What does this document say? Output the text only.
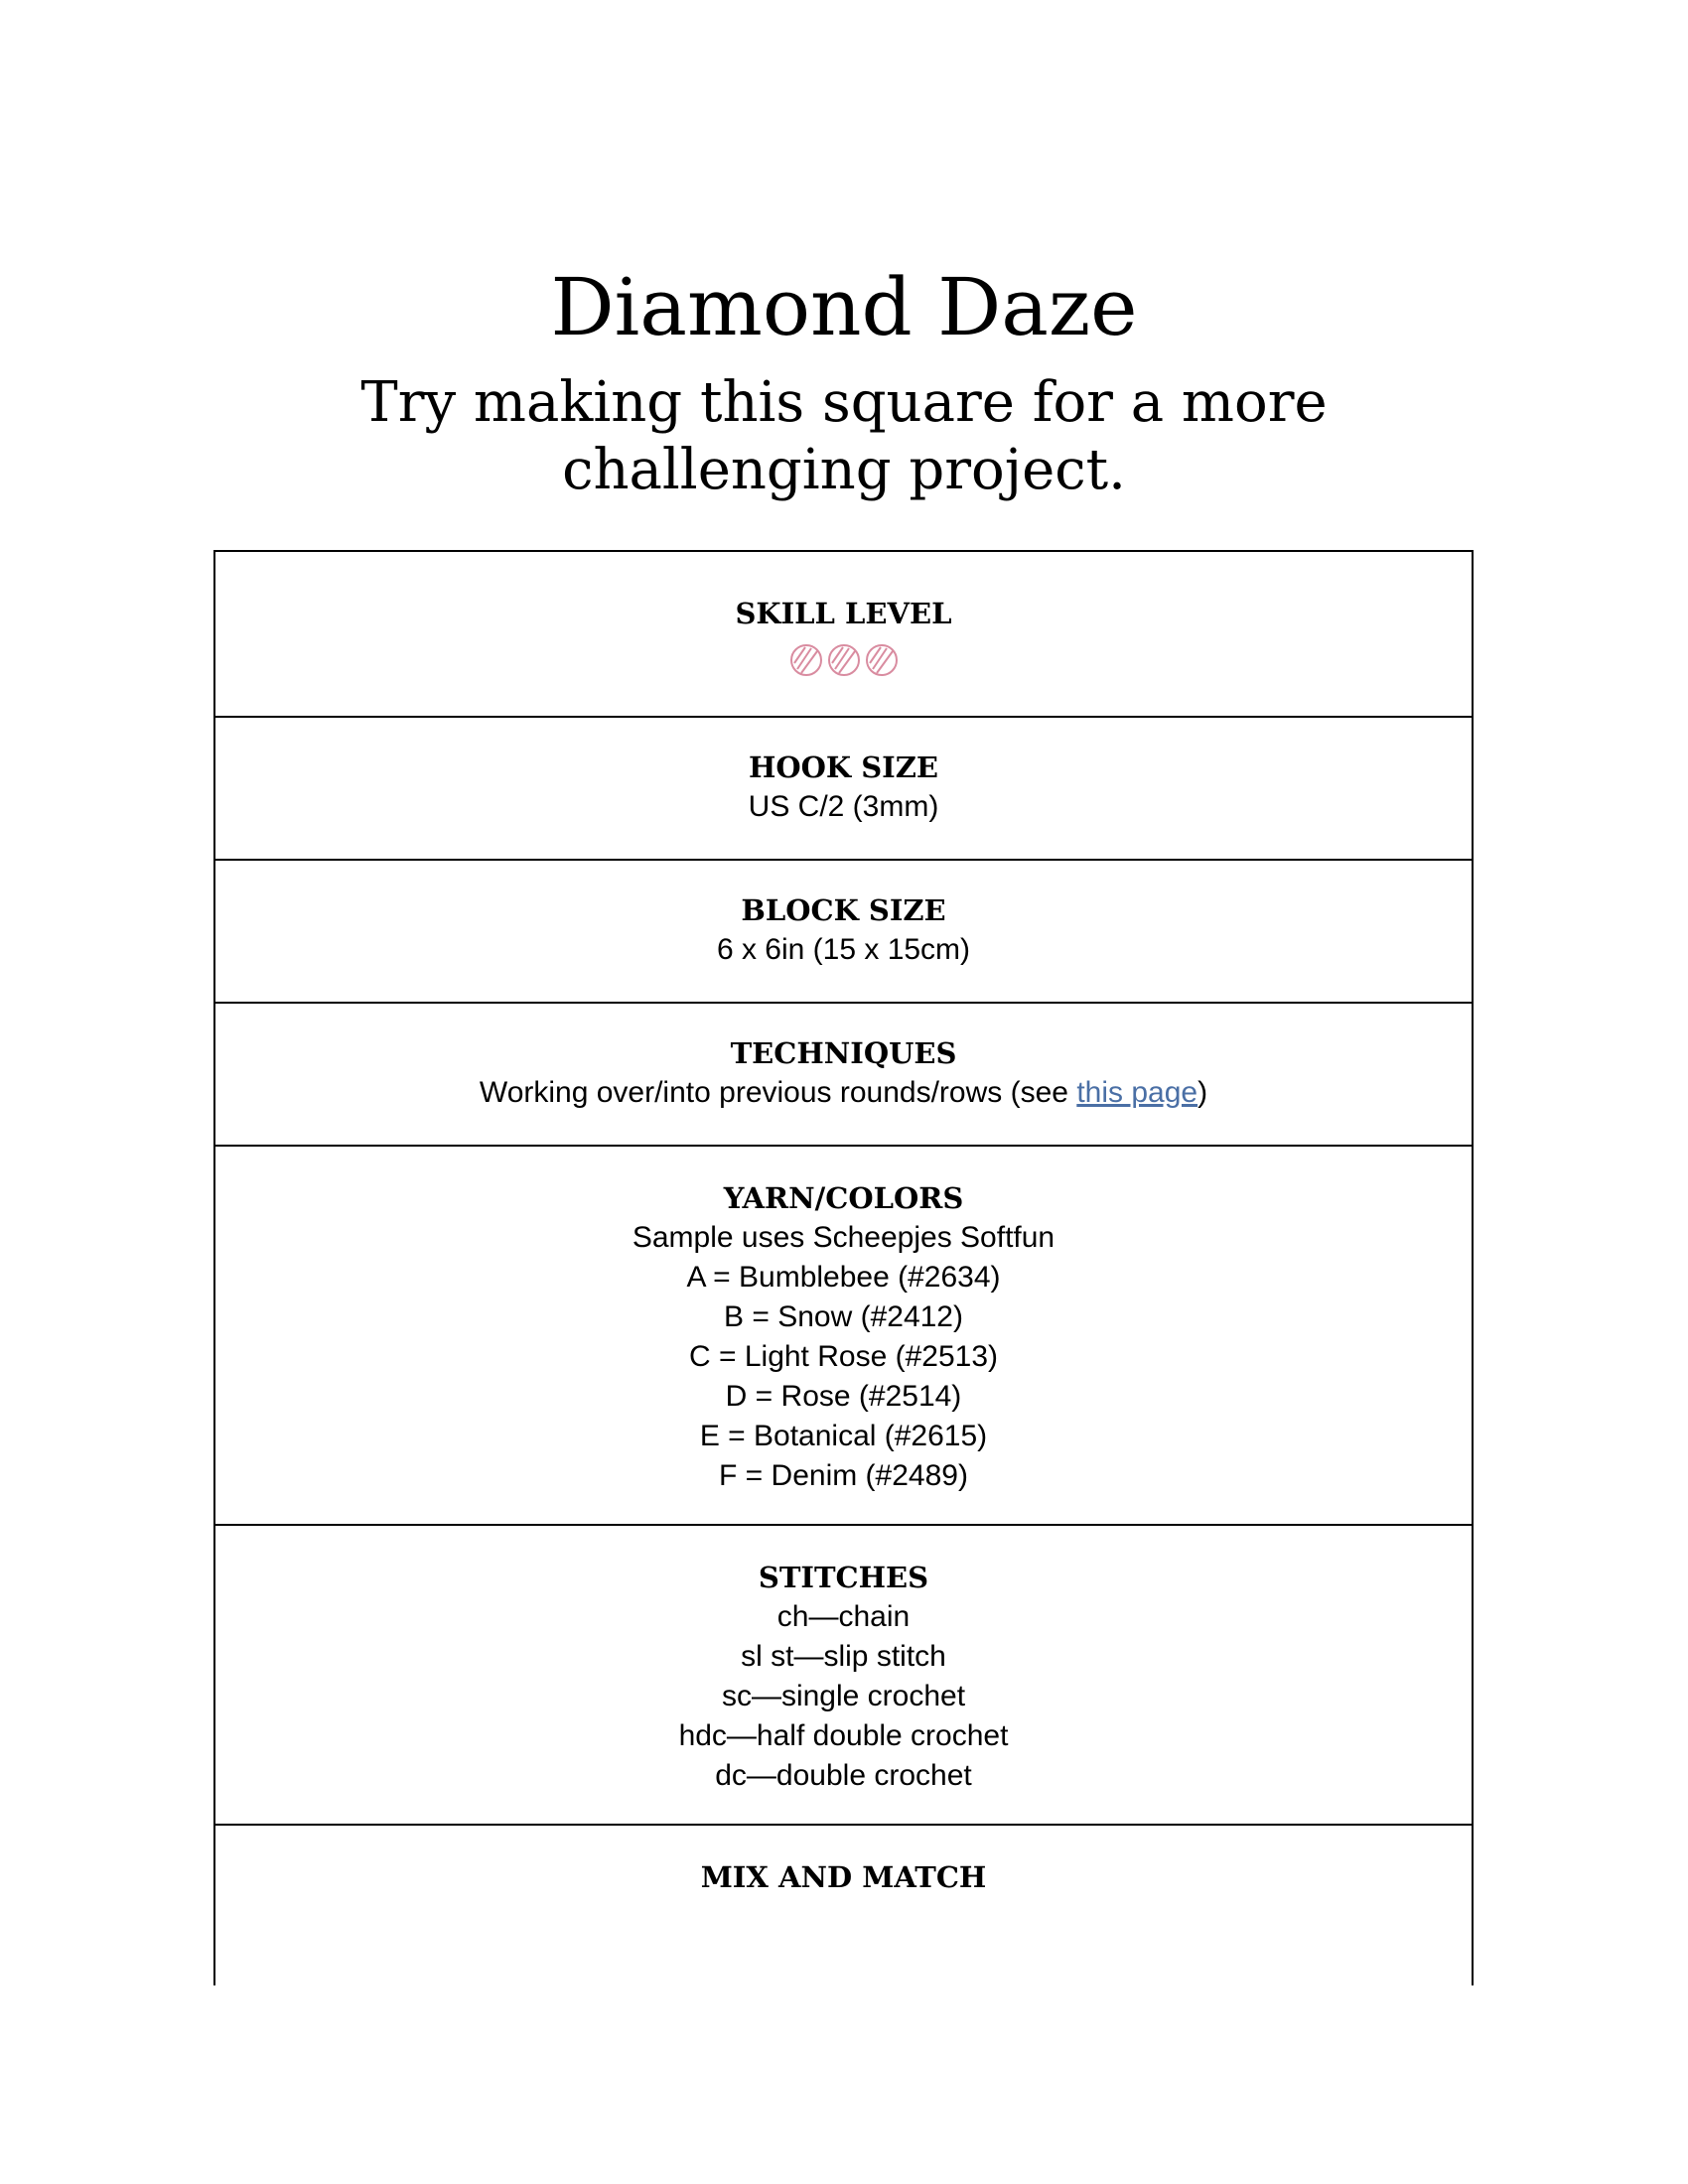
Diamond Daze
Try making this square for a more challenging project.
SKILL LEVEL
HOOK SIZE
US C/2 (3mm)
BLOCK SIZE
6 x 6in (15 x 15cm)
TECHNIQUES
Working over/into previous rounds/rows (see this page)
YARN/COLORS
Sample uses Scheepjes Softfun
A = Bumblebee (#2634)
B = Snow (#2412)
C = Light Rose (#2513)
D = Rose (#2514)
E = Botanical (#2615)
F = Denim (#2489)
STITCHES
ch—chain
sl st—slip stitch
sc—single crochet
hdc—half double crochet
dc—double crochet
MIX AND MATCH
